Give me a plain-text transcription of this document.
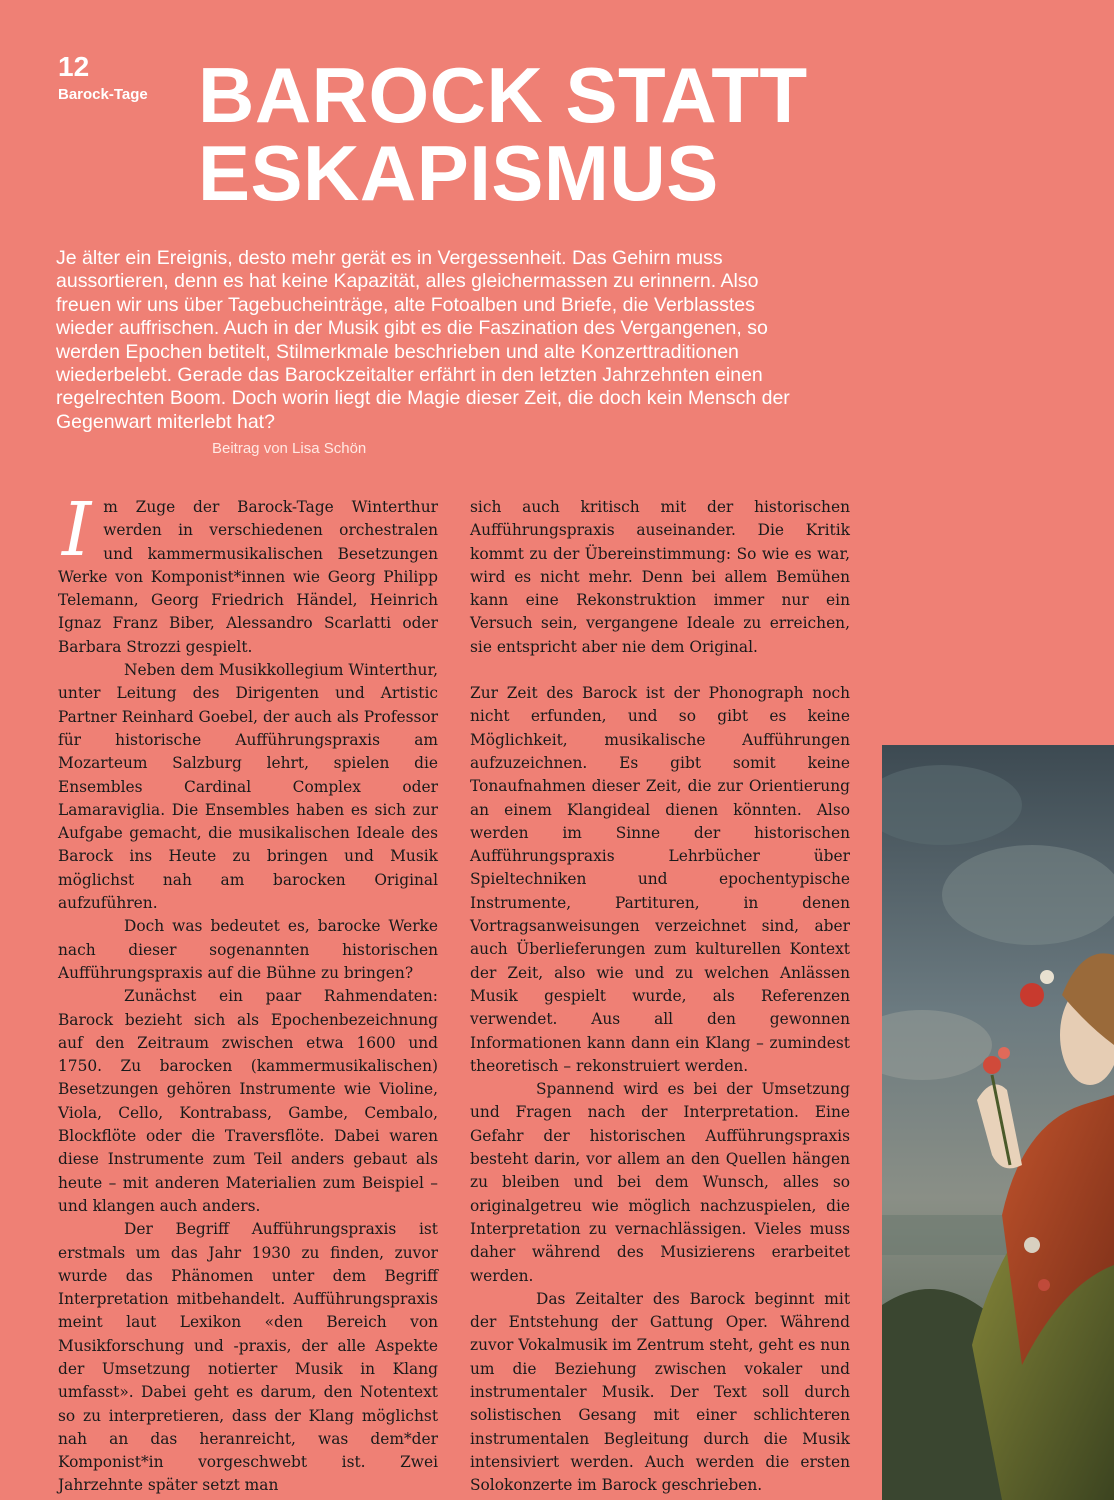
12
Barock-Tage BAROCK STATT
ESKAPISMUS

Je älter ein Ereignis, desto mehr gerät es in Vergessenheit. Das Gehirn muss aussortieren, denn es hat keine Kapazität, alles gleichermassen zu erinnern. Also freuen wir uns über Tagebucheinträge, alte Fotoalben und Briefe, die Verblasstes wieder auffrischen. Auch in der Musik gibt es die Faszination des Vergangenen, so werden Epochen betitelt, Stilmerkmale beschrieben und alte Konzerttraditionen wiederbelebt. Gerade das Barockzeitalter erfährt in den letzten Jahrzehnten einen regelrechten Boom. Doch worin liegt die Magie dieser Zeit, die doch kein Mensch der Gegenwart miterlebt hat?

Beitrag von Lisa Schön

Im Zuge der Barock-Tage Winterthur werden in verschiedenen orchestralen und kammermusikalischen Besetzungen Werke von Komponist*innen wie Georg Philipp Telemann, Georg Friedrich Händel, Heinrich Ignaz Franz Biber, Alessandro Scarlatti oder Barbara Strozzi gespielt.

Neben dem Musikkollegium Winterthur, unter Leitung des Dirigenten und Artistic Partner Reinhard Goebel, der auch als Professor für historische Aufführungspraxis am Mozarteum Salzburg lehrt, spielen die Ensembles Cardinal Complex oder Lamaraviglia. Die Ensembles haben es sich zur Aufgabe gemacht, die musikalischen Ideale des Barock ins Heute zu bringen und Musik möglichst nah am barocken Original aufzuführen.

Doch was bedeutet es, barocke Werke nach dieser sogenannten historischen Aufführungspraxis auf die Bühne zu bringen?

Zunächst ein paar Rahmendaten: Barock bezieht sich als Epochenbezeichnung auf den Zeitraum zwischen etwa 1600 und 1750. Zu barocken (kammermusikalischen) Besetzungen gehören Instrumente wie Violine, Viola, Cello, Kontrabass, Gambe, Cembalo, Blockflöte oder die Traversflöte. Dabei waren diese Instrumente zum Teil anders gebaut als heute – mit anderen Materialien zum Beispiel – und klangen auch anders.

Der Begriff Aufführungspraxis ist erstmals um das Jahr 1930 zu finden, zuvor wurde das Phänomen unter dem Begriff Interpretation mitbehandelt. Aufführungspraxis meint laut Lexikon «den Bereich von Musikforschung und -praxis, der alle Aspekte der Umsetzung notierter Musik in Klang umfasst». Dabei geht es darum, den Notentext so zu interpretieren, dass der Klang möglichst nah an das heranreicht, was dem*der Komponist*in vorgeschwebt ist. Zwei Jahrzehnte später setzt man

sich auch kritisch mit der historischen Aufführungspraxis auseinander. Die Kritik kommt zu der Übereinstimmung: So wie es war, wird es nicht mehr. Denn bei allem Bemühen kann eine Rekonstruktion immer nur ein Versuch sein, vergangene Ideale zu erreichen, sie entspricht aber nie dem Original.

Zur Zeit des Barock ist der Phonograph noch nicht erfunden, und so gibt es keine Möglichkeit, musikalische Aufführungen aufzuzeichnen. Es gibt somit keine Tonaufnahmen dieser Zeit, die zur Orientierung an einem Klangideal dienen könnten. Also werden im Sinne der historischen Aufführungspraxis Lehrbücher über Spieltechniken und epochentypische Instrumente, Partituren, in denen Vortragsanweisungen verzeichnet sind, aber auch Überlieferungen zum kulturellen Kontext der Zeit, also wie und zu welchen Anlässen Musik gespielt wurde, als Referenzen verwendet. Aus all den gewonnen Informationen kann dann ein Klang – zumindest theoretisch – rekonstruiert werden.

Spannend wird es bei der Umsetzung und Fragen nach der Interpretation. Eine Gefahr der historischen Aufführungspraxis besteht darin, vor allem an den Quellen hängen zu bleiben und bei dem Wunsch, alles so originalgetreu wie möglich nachzuspielen, die Interpretation zu vernachlässigen. Vieles muss daher während des Musizierens erarbeitet werden.

Das Zeitalter des Barock beginnt mit der Entstehung der Gattung Oper. Während zuvor Vokalmusik im Zentrum steht, geht es nun um die Beziehung zwischen vokaler und instrumentaler Musik. Der Text soll durch solistischen Gesang mit einer schlichteren instrumentalen Begleitung durch die Musik intensiviert werden. Auch werden die ersten Solokonzerte im Barock geschrieben.
